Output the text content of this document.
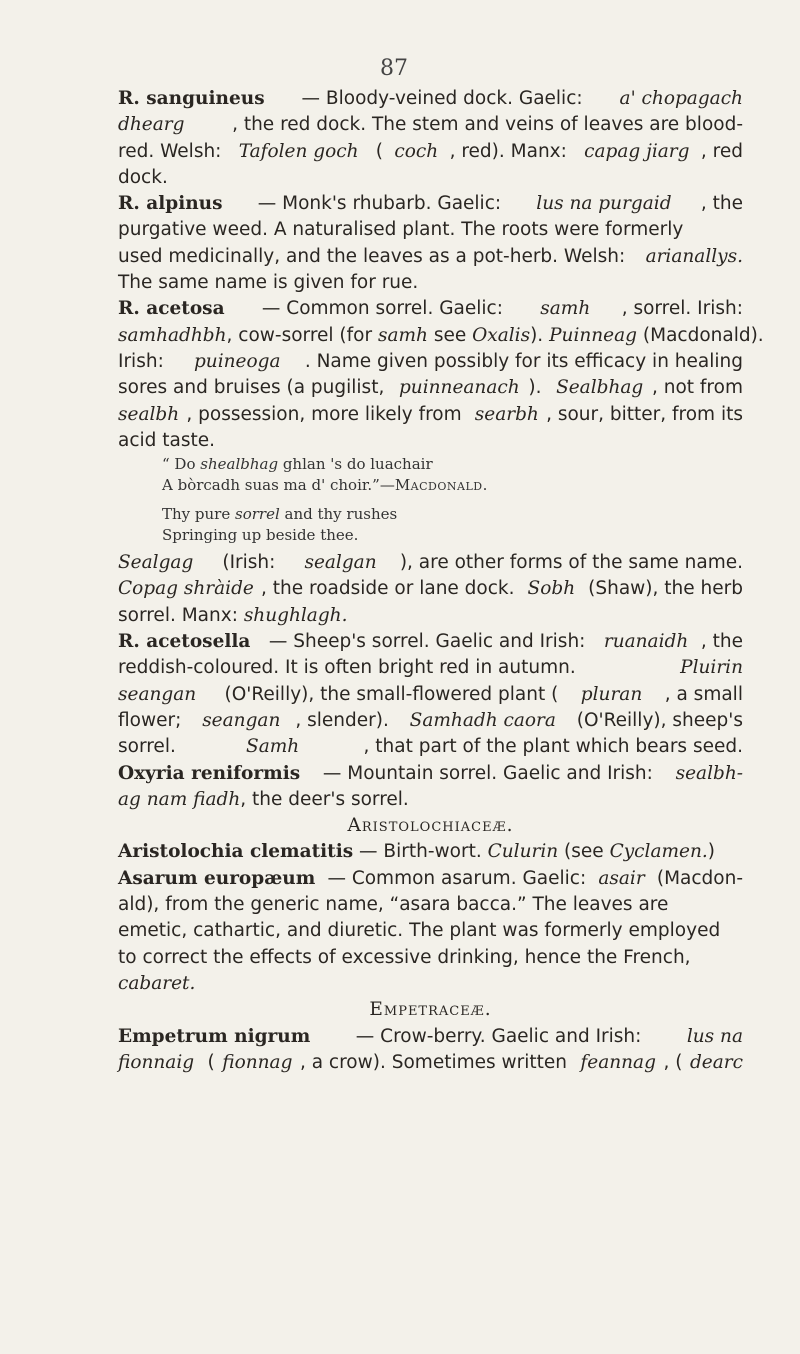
87
R. sanguineus — Bloody-veined dock. Gaelic: a' chopagach
dhearg	, the red dock. The stem and veins of leaves are blood-
red. Welsh: Tafolen goch ( coch , red). Manx: capag jiarg , red
dock.
R. alpinus — Monk's rhubarb. Gaelic: lus na purgaid , the
purgative weed. A naturalised plant. The roots were formerly
used medicinally, and the leaves as a pot-herb. Welsh: arianallys.
The same name is given for rue.
R. acetosa — Common sorrel. Gaelic: samh , sorrel. Irish:
samhadhbh , cow-sorrel (for samh see Oxalis ). Puinneag (Macdonald).
Irish: puineoga . Name given possibly for its efficacy in healing
sores and bruises (a pugilist, puinneanach ). Sealbhag , not from
sealbh , possession, more likely from searbh , sour, bitter, from its
acid taste.
“ Do shealbhag ghlan 's do luachair
A bòrcadh suas ma d' choir.”—Macdonald.
Thy pure sorrel and thy rushes
Springing up beside thee.
Sealgag (Irish: sealgan ), are other forms of the same name.
Copag shràide , the roadside or lane dock. Sobh (Shaw), the herb
sorrel. Manx: shughlagh.
R. acetosella — Sheep's sorrel. Gaelic and Irish: ruanaidh , the
reddish-coloured. It is often bright red in autumn.	Pluirin
seangan (O'Reilly), the small-flowered plant ( pluran , a small
flower; seangan , slender). Samhadh caora (O'Reilly), sheep's
sorrel.	Samh	, that part of the plant which bears seed.
Oxyria reniformis — Mountain sorrel. Gaelic and Irish: sealbh-
ag nam fiadh , the deer's sorrel.
Aristolochiaceæ.
Aristolochia clematitis — Birth-wort. Culurin (see Cyclamen. )
Asarum europæum — Common asarum. Gaelic: asair (Macdon-
ald), from the generic name, “asara bacca.” The leaves are
emetic, cathartic, and diuretic. The plant was formerly employed
to correct the effects of excessive drinking, hence the French,
cabaret.
Empetraceæ.
Empetrum nigrum — Crow-berry. Gaelic and Irish: lus na
fionnaig ( fionnag , a crow). Sometimes written feannag , ( dearc
